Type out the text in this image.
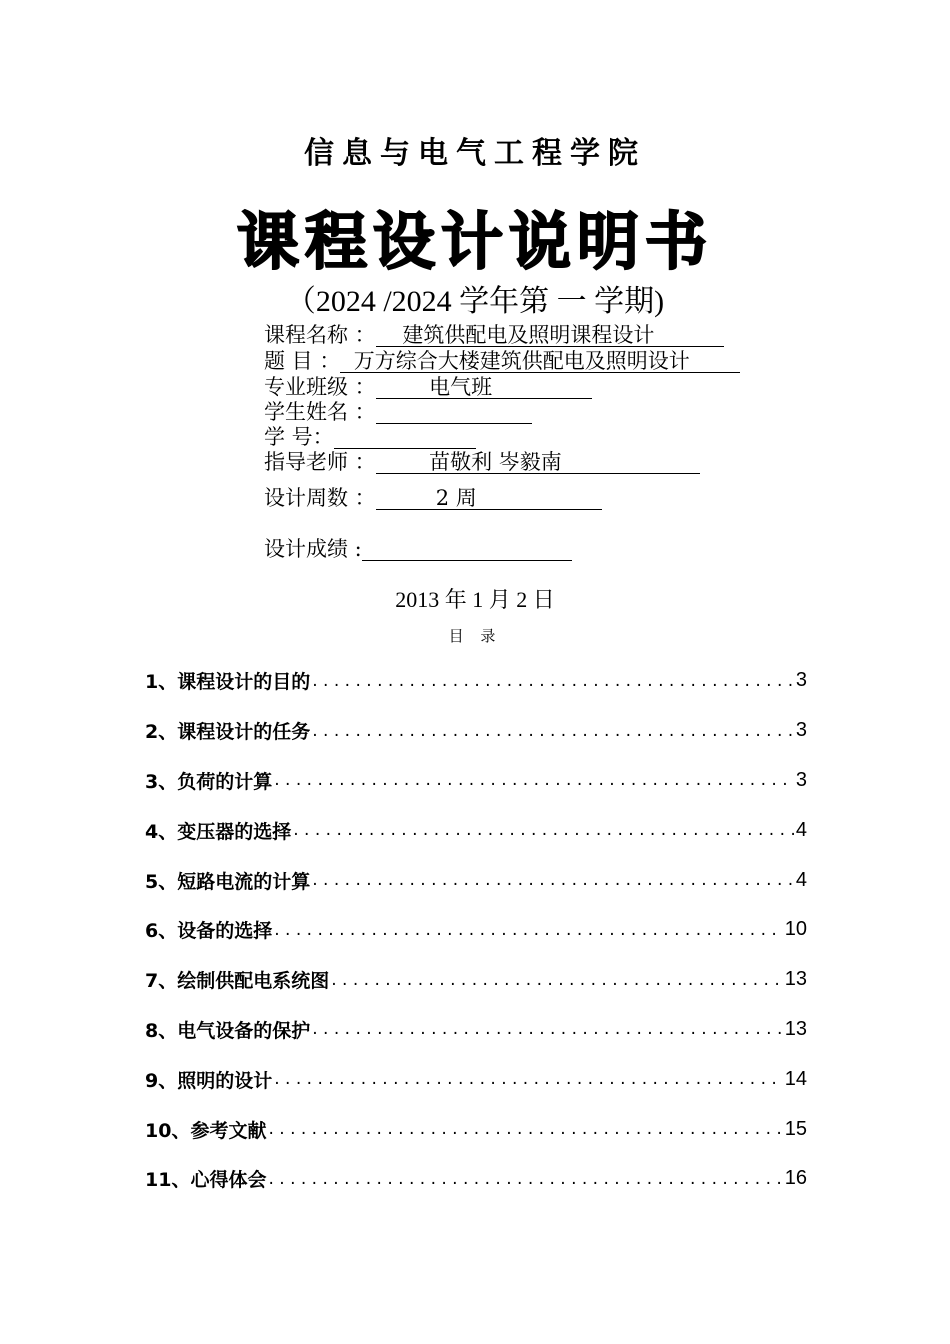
信息与电气工程学院
课程设计说明书
（2024 /2024 学年第 一 学期)
课程名称 ：    建筑供配电及照明课程设计
题 目 ：  万方综合大楼建筑供配电及照明设计
专业班级 ：        电气班
学生姓名 ：
学 号：
指导老师 ：        苗敬利 岑毅南
设计周数 ：         2 周
设计成绩 :
2013 年 1 月 2 日
目 录
1、课程设计的目的 . . .	3
2、课程设计的任务 . . .	3
3、负荷的计算 . . .	3
4、变压器的选择 . . .	4
5、短路电流的计算 . . .	4
6、设备的选择 . . .	10
7、绘制供配电系统图 . . .	13
8、电气设备的保护 . . .	13
9、照明的设计 . . .	14
10、参考文献 . . .	15
11、心得体会 . . .	16
